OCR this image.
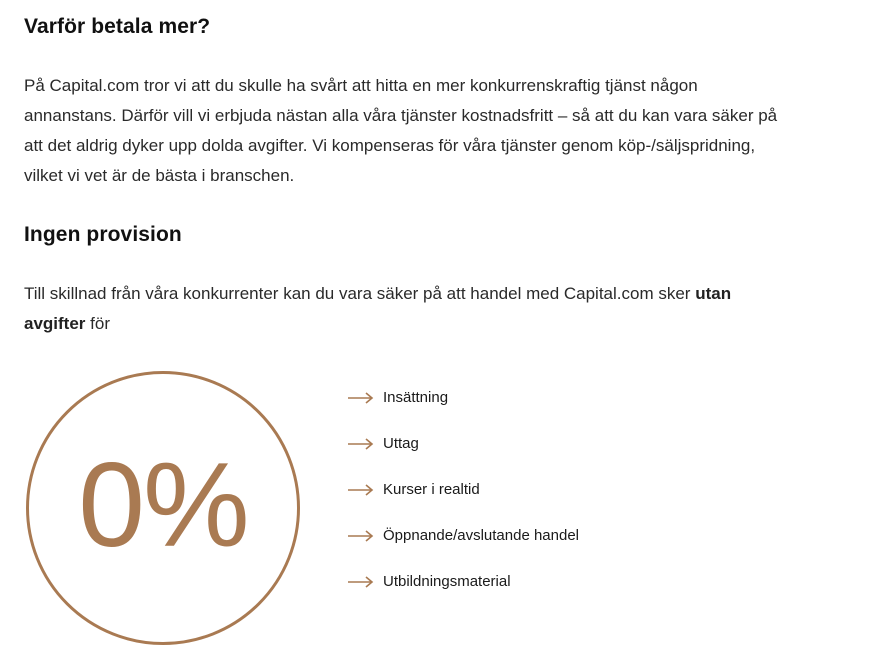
Varför betala mer?

På Capital.com tror vi att du skulle ha svårt att hitta en mer konkurrenskraftig tjänst någon annanstans. Därför vill vi erbjuda nästan alla våra tjänster kostnadsfritt – så att du kan vara säker på att det aldrig dyker upp dolda avgifter. Vi kompenseras för våra tjänster genom köp-/säljspridning, vilket vi vet är de bästa i branschen.

Ingen provision

Till skillnad från våra konkurrenter kan du vara säker på att handel med Capital.com sker utan avgifter för

0%
Insättning
Uttag
Kurser i realtid
Öppnande/avslutande handel
Utbildningsmaterial
